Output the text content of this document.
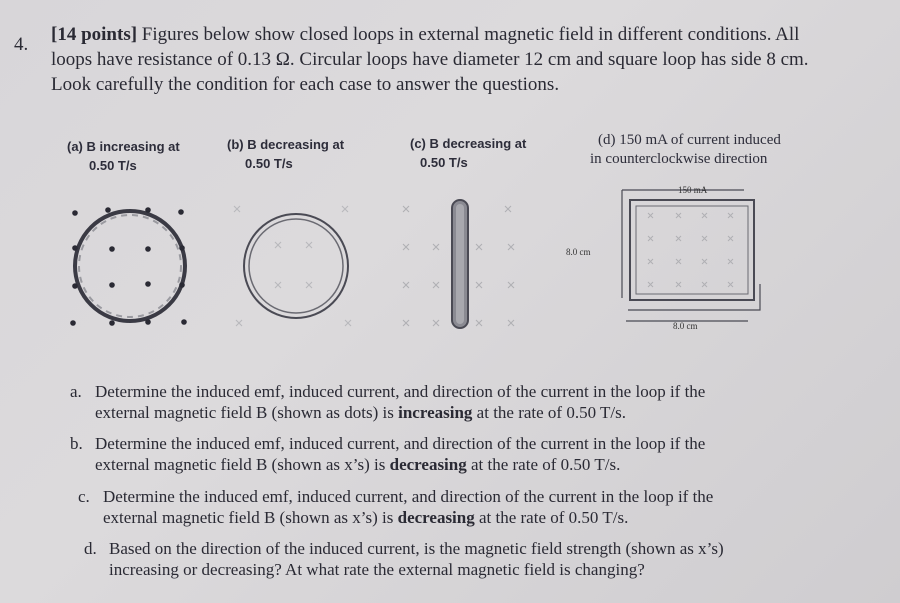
4. [14 points] Figures below show closed loops in external magnetic field in different conditions. All
loops have resistance of 0.13 Ω. Circular loops have diameter 12 cm and square loop has side 8 cm.
Look carefully the condition for each case to answer the questions.
(a) B increasing at
0.50 T/s
(b) B decreasing at
0.50 T/s
(c) B decreasing at
0.50 T/s
(d) 150 mA of current induced
in counterclockwise direction
150 mA
8.0 cm
8.0 cm
a. Determine the induced emf, induced current, and direction of the current in the loop if the
external magnetic field B (shown as dots) is increasing at the rate of 0.50 T/s.
b. Determine the induced emf, induced current, and direction of the current in the loop if the
external magnetic field B (shown as x’s) is decreasing at the rate of 0.50 T/s.
c. Determine the induced emf, induced current, and direction of the current in the loop if the
external magnetic field B (shown as x’s) is decreasing at the rate of 0.50 T/s.
d. Based on the direction of the induced current, is the magnetic field strength (shown as x’s)
increasing or decreasing? At what rate the external magnetic field is changing?
